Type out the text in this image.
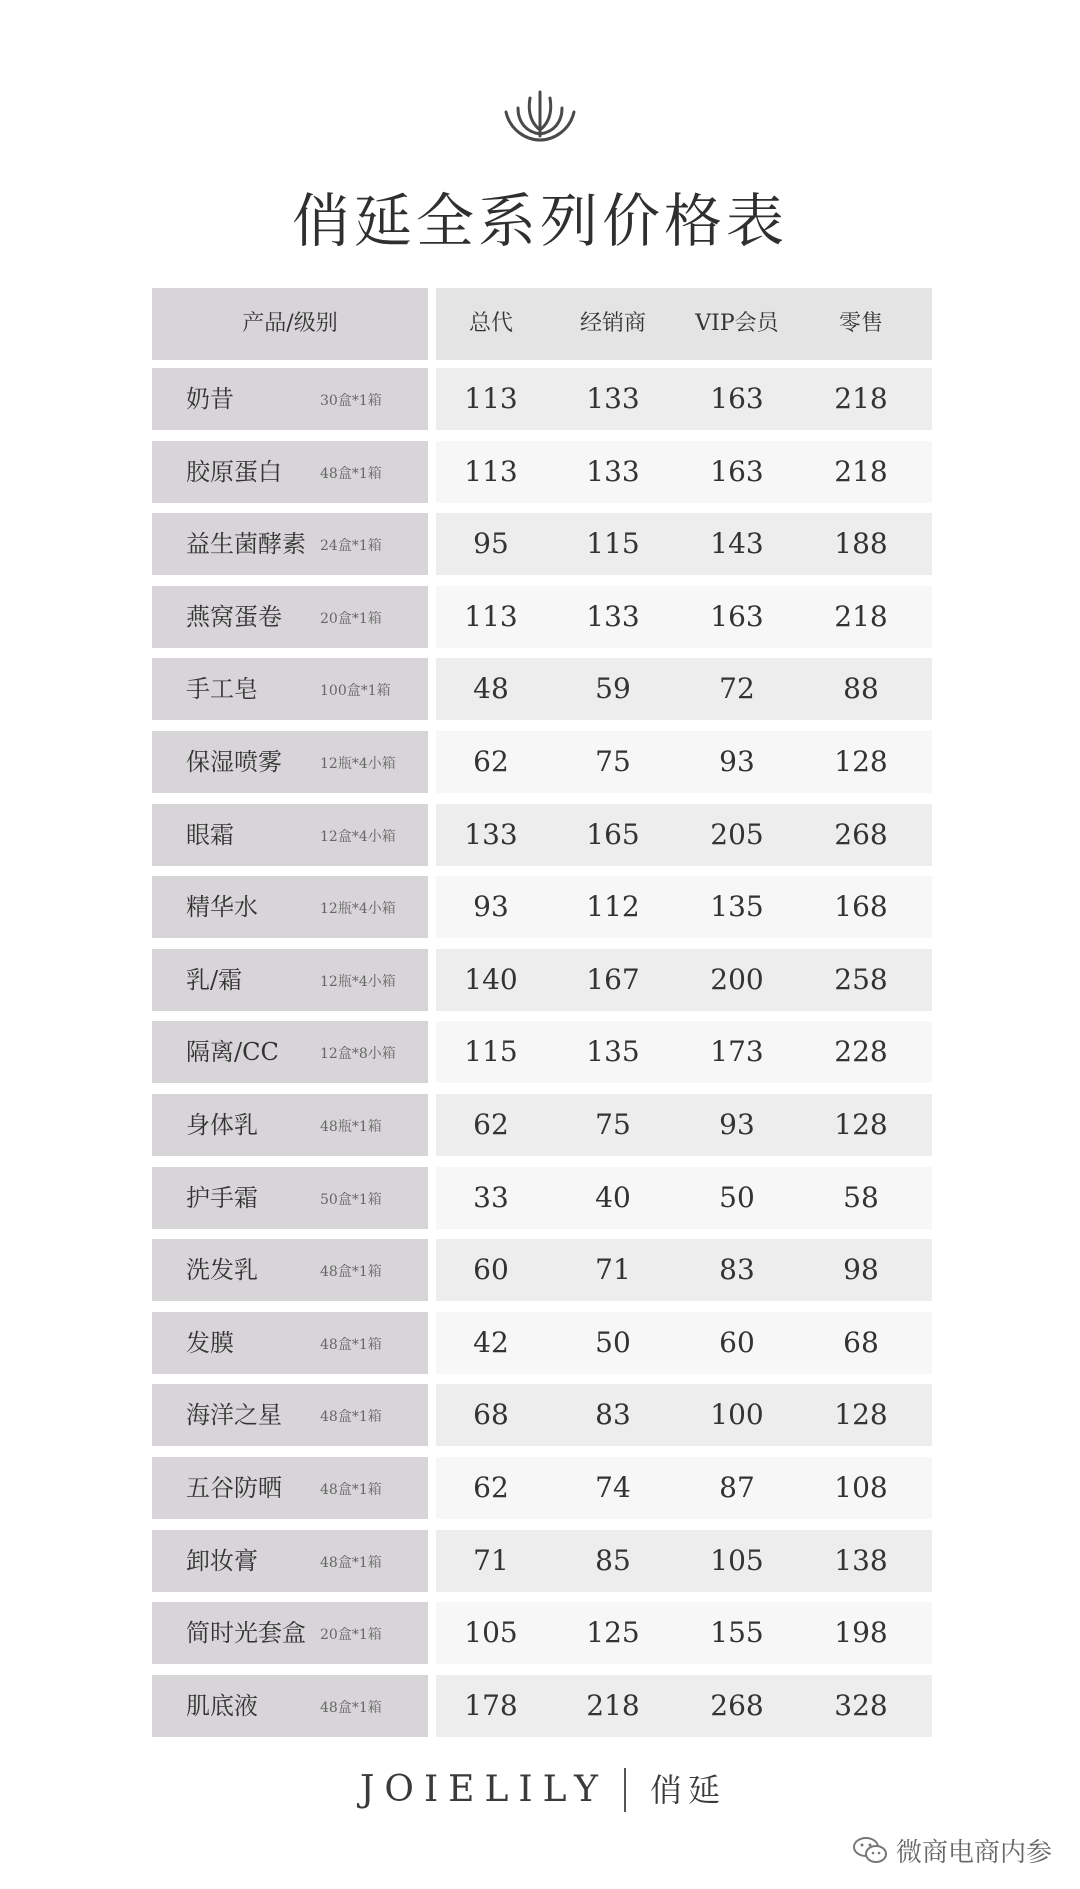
俏延全系列价格表
产品/级别	总代	经销商	VIP会员	零售
奶昔	30盒*1箱	113	133	163	218
胶原蛋白	48盒*1箱	113	133	163	218
益生菌酵素 24盒*1箱	95	115	143	188
燕窝蛋卷	20盒*1箱	113	133	163	218
手工皂	100盒*1箱	48	59	72	88
保湿喷雾	12瓶*4小箱	62	75	93	128
眼霜	12盒*4小箱	133	165	205	268
精华水	12瓶*4小箱	93	112	135	168
乳/霜	12瓶*4小箱	140	167	200	258
隔离/CC	12盒*8小箱	115	135	173	228
身体乳	48瓶*1箱	62	75	93	128
护手霜	50盒*1箱	33	40	50	58
洗发乳	48盒*1箱	60	71	83	98
发膜	48盒*1箱	42	50	60	68
海洋之星	48盒*1箱	68	83	100	128
五谷防晒	48盒*1箱	62	74	87	108
卸妆膏	48盒*1箱	71	85	105	138
简时光套盒 20盒*1箱	105	125	155	198
肌底液	48盒*1箱	178	218	268	328
JOIELILY 俏延
微商电商内参
